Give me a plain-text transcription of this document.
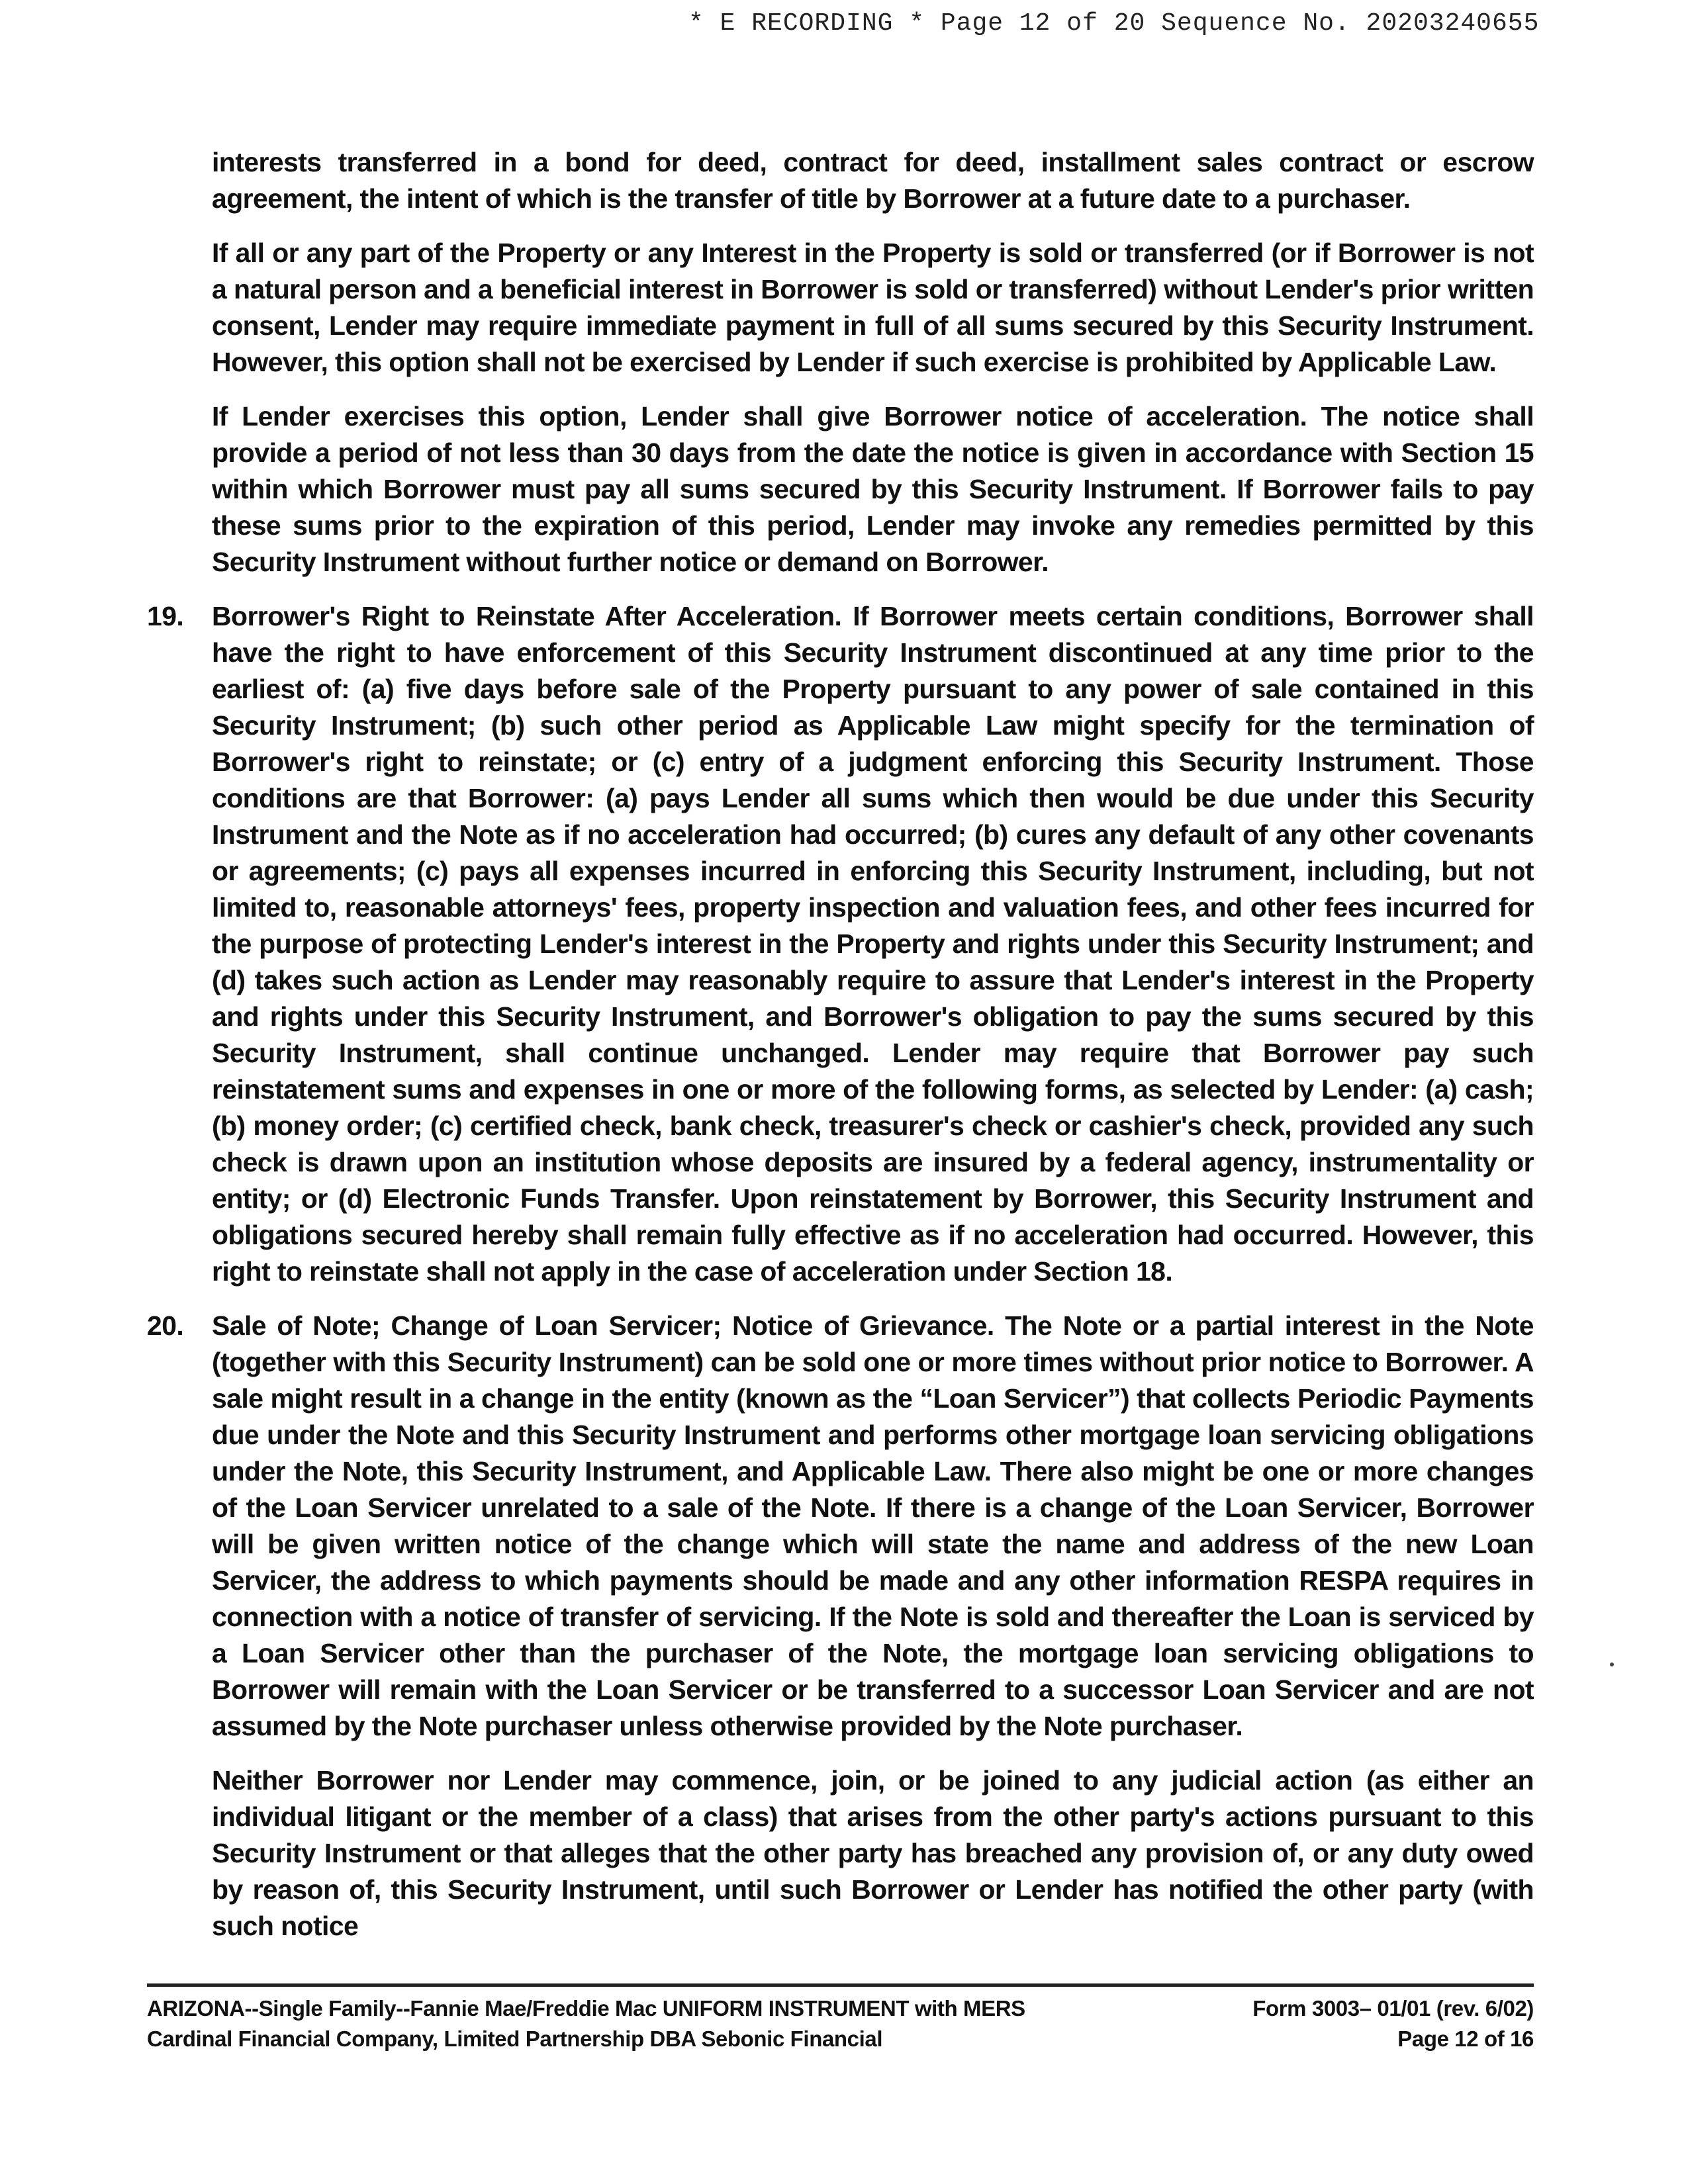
* E RECORDING * Page 12 of 20 Sequence No. 20203240655

interests transferred in a bond for deed, contract for deed, installment sales contract or escrow agreement, the intent of which is the transfer of title by Borrower at a future date to a purchaser.

If all or any part of the Property or any Interest in the Property is sold or transferred (or if Borrower is not a natural person and a beneficial interest in Borrower is sold or transferred) without Lender's prior written consent, Lender may require immediate payment in full of all sums secured by this Security Instrument. However, this option shall not be exercised by Lender if such exercise is prohibited by Applicable Law.

If Lender exercises this option, Lender shall give Borrower notice of acceleration. The notice shall provide a period of not less than 30 days from the date the notice is given in accordance with Section 15 within which Borrower must pay all sums secured by this Security Instrument. If Borrower fails to pay these sums prior to the expiration of this period, Lender may invoke any remedies permitted by this Security Instrument without further notice or demand on Borrower.

19.	Borrower's Right to Reinstate After Acceleration. If Borrower meets certain conditions, Borrower shall have the right to have enforcement of this Security Instrument discontinued at any time prior to the earliest of: (a) five days before sale of the Property pursuant to any power of sale contained in this Security Instrument; (b) such other period as Applicable Law might specify for the termination of Borrower's right to reinstate; or (c) entry of a judgment enforcing this Security Instrument. Those conditions are that Borrower: (a) pays Lender all sums which then would be due under this Security Instrument and the Note as if no acceleration had occurred; (b) cures any default of any other covenants or agreements; (c) pays all expenses incurred in enforcing this Security Instrument, including, but not limited to, reasonable attorneys' fees, property inspection and valuation fees, and other fees incurred for the purpose of protecting Lender's interest in the Property and rights under this Security Instrument; and (d) takes such action as Lender may reasonably require to assure that Lender's interest in the Property and rights under this Security Instrument, and Borrower's obligation to pay the sums secured by this Security Instrument, shall continue unchanged. Lender may require that Borrower pay such reinstatement sums and expenses in one or more of the following forms, as selected by Lender: (a) cash; (b) money order; (c) certified check, bank check, treasurer's check or cashier's check, provided any such check is drawn upon an institution whose deposits are insured by a federal agency, instrumentality or entity; or (d) Electronic Funds Transfer. Upon reinstatement by Borrower, this Security Instrument and obligations secured hereby shall remain fully effective as if no acceleration had occurred. However, this right to reinstate shall not apply in the case of acceleration under Section 18.
20.	Sale of Note; Change of Loan Servicer; Notice of Grievance. The Note or a partial interest in the Note (together with this Security Instrument) can be sold one or more times without prior notice to Borrower. A sale might result in a change in the entity (known as the “Loan Servicer”) that collects Periodic Payments due under the Note and this Security Instrument and performs other mortgage loan servicing obligations under the Note, this Security Instrument, and Applicable Law. There also might be one or more changes of the Loan Servicer unrelated to a sale of the Note. If there is a change of the Loan Servicer, Borrower will be given written notice of the change which will state the name and address of the new Loan Servicer, the address to which payments should be made and any other information RESPA requires in connection with a notice of transfer of servicing. If the Note is sold and thereafter the Loan is serviced by a Loan Servicer other than the purchaser of the Note, the mortgage loan servicing obligations to Borrower will remain with the Loan Servicer or be transferred to a successor Loan Servicer and are not assumed by the Note purchaser unless otherwise provided by the Note purchaser.

Neither Borrower nor Lender may commence, join, or be joined to any judicial action (as either an individual litigant or the member of a class) that arises from the other party's actions pursuant to this Security Instrument or that alleges that the other party has breached any provision of, or any duty owed by reason of, this Security Instrument, until such Borrower or Lender has notified the other party (with such notice

ARIZONA--Single Family--Fannie Mae/Freddie Mac UNIFORM INSTRUMENT with MERS	Form 3003– 01/01 (rev. 6/02)
Cardinal Financial Company, Limited Partnership DBA Sebonic Financial	Page 12 of 16
